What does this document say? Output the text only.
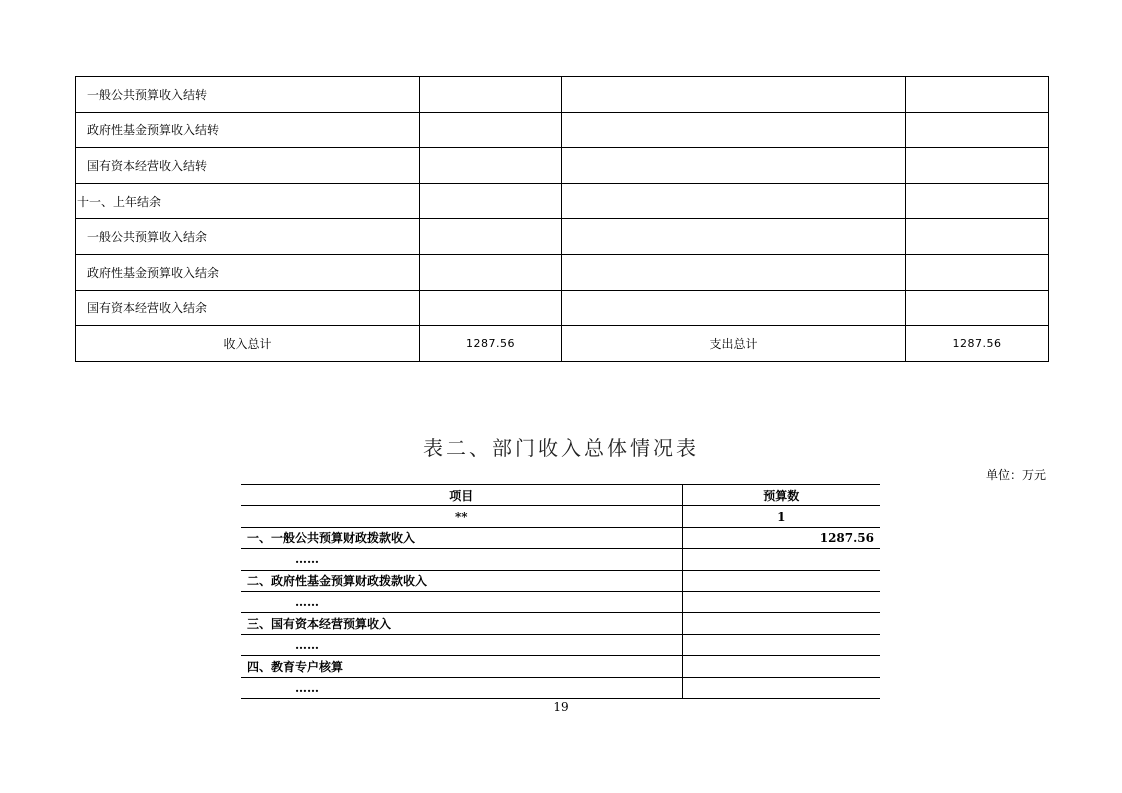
一般公共预算收入结转			
政府性基金预算收入结转			
国有资本经营收入结转			
十一、上年结余			
一般公共预算收入结余			
政府性基金预算收入结余			
国有资本经营收入结余			
收入总计	1287.56	支出总计	1287.56
表二、部门收入总体情况表
单位：万元
项目	预算数
**	1
一、一般公共预算财政拨款收入	1287.56
……	
二、政府性基金预算财政拨款收入	
……	
三、国有资本经营预算收入	
……	
四、教育专户核算	
……	
19
